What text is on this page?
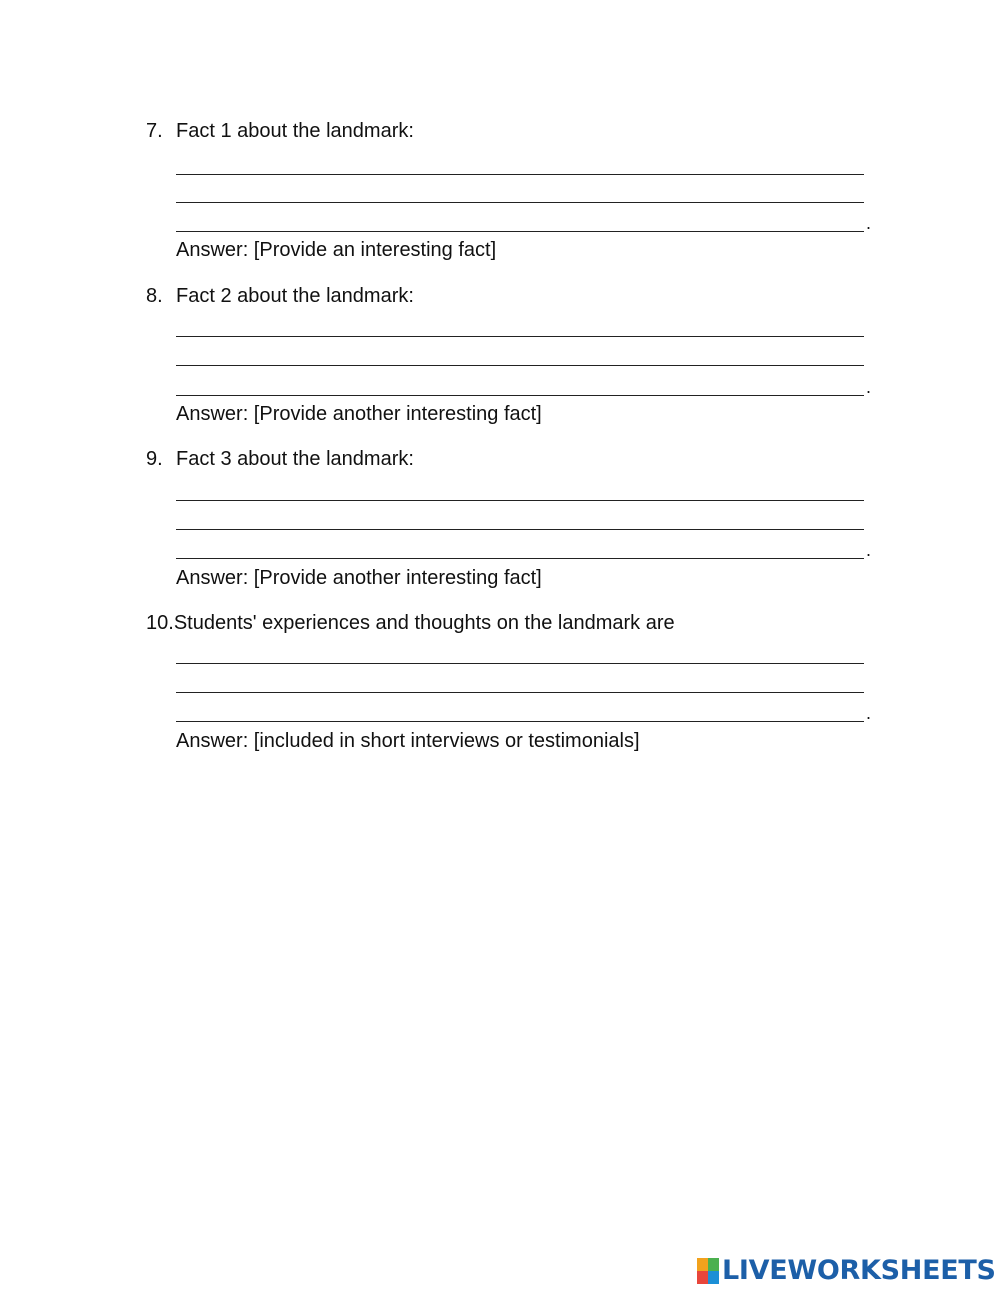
7. Fact 1 about the landmark:
.
Answer: [Provide an interesting fact]
8. Fact 2 about the landmark:
.
Answer: [Provide another interesting fact]
9. Fact 3 about the landmark:
.
Answer: [Provide another interesting fact]
10. Students' experiences and thoughts on the landmark are
.
Answer: [included in short interviews or testimonials]
LIVEWORKSHEETS
